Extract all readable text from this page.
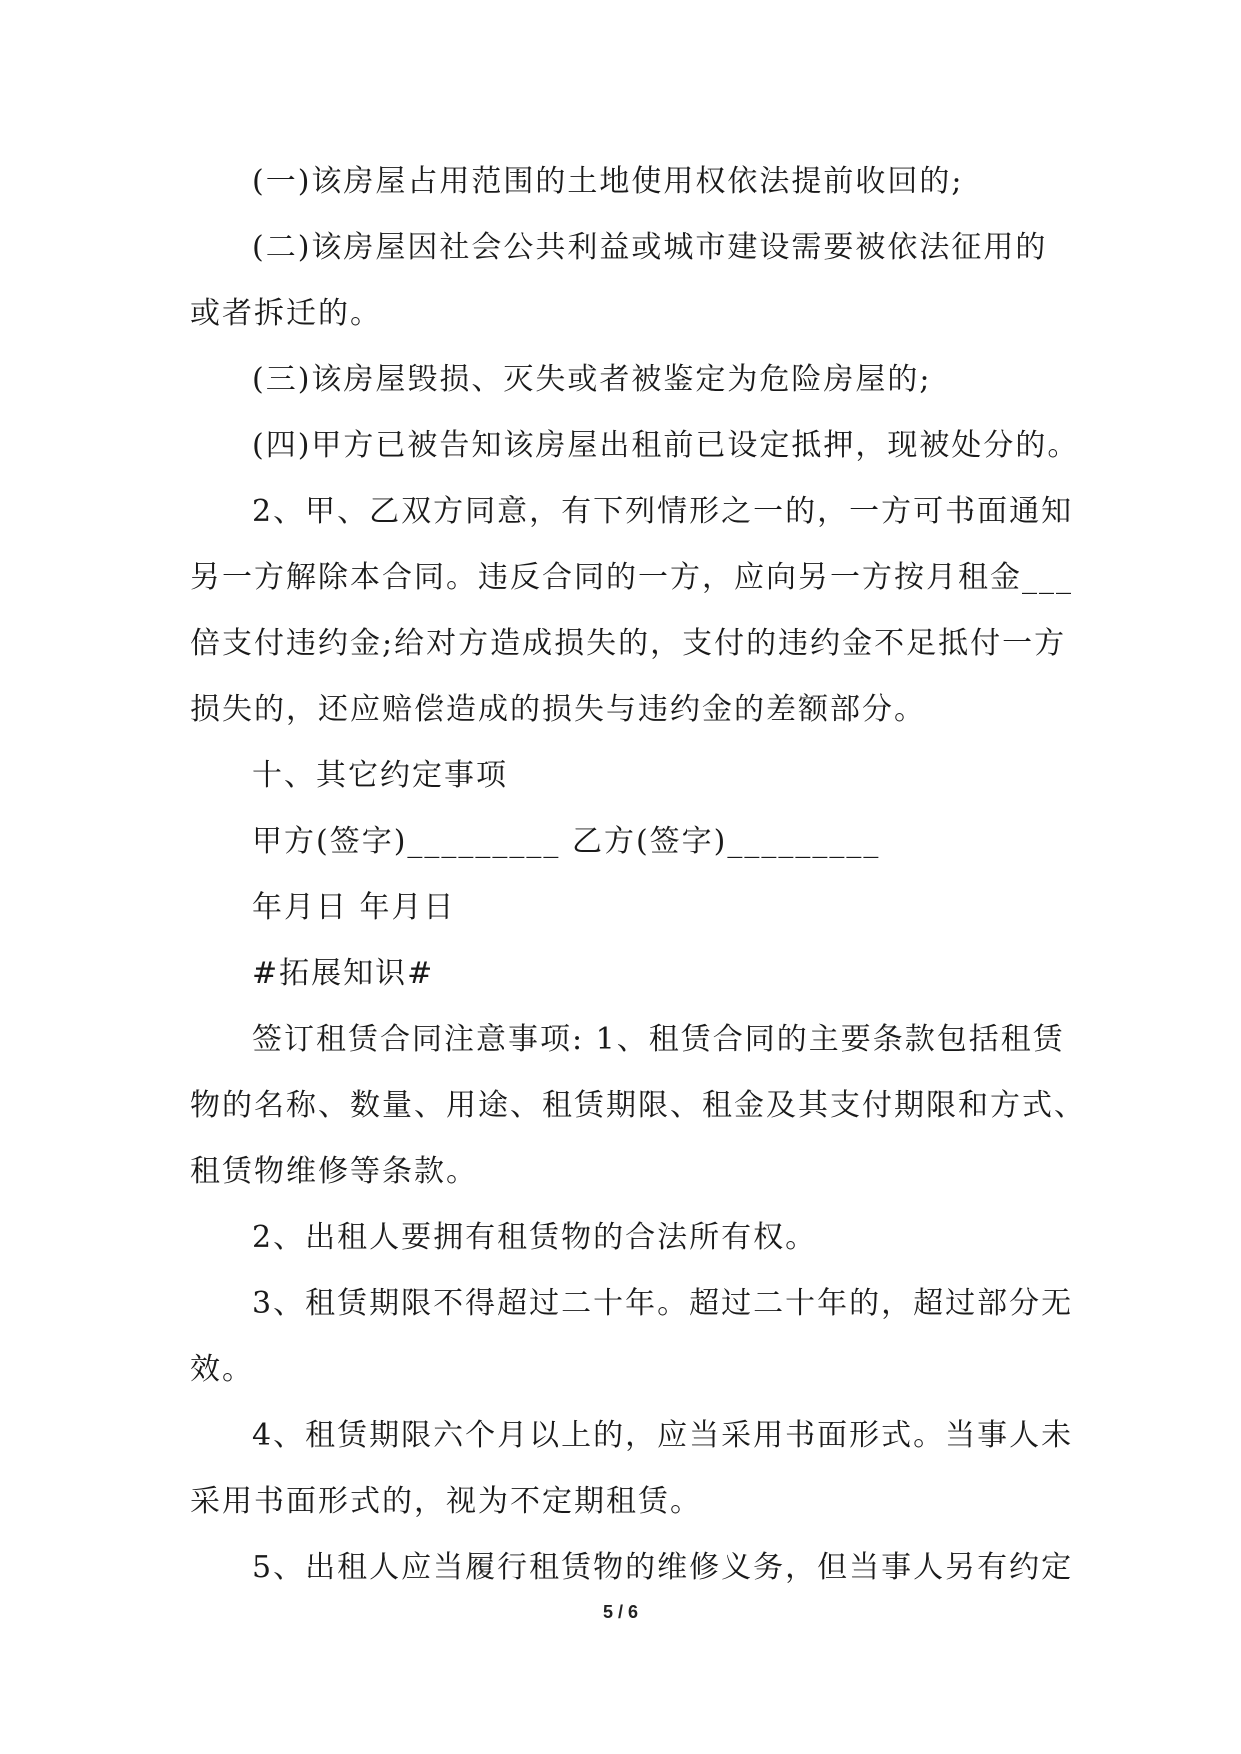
(一)该房屋占用范围的土地使用权依法提前收回的;
(二)该房屋因社会公共利益或城市建设需要被依法征用的
或者拆迁的。
(三)该房屋毁损、灭失或者被鉴定为危险房屋的;
(四)甲方已被告知该房屋出租前已设定抵押，现被处分的。
2、甲、乙双方同意，有下列情形之一的，一方可书面通知
另一方解除本合同。违反合同的一方，应向另一方按月租金___
倍支付违约金;给对方造成损失的，支付的违约金不足抵付一方
损失的，还应赔偿造成的损失与违约金的差额部分。
十、其它约定事项
甲方(签字)_________ 乙方(签字)_________
年月日 年月日
#拓展知识#
签订租赁合同注意事项: 1、租赁合同的主要条款包括租赁
物的名称、数量、用途、租赁期限、租金及其支付期限和方式、
租赁物维修等条款。
2、出租人要拥有租赁物的合法所有权。
3、租赁期限不得超过二十年。超过二十年的，超过部分无
效。
4、租赁期限六个月以上的，应当采用书面形式。当事人未
采用书面形式的，视为不定期租赁。
5、出租人应当履行租赁物的维修义务，但当事人另有约定
5 / 6
